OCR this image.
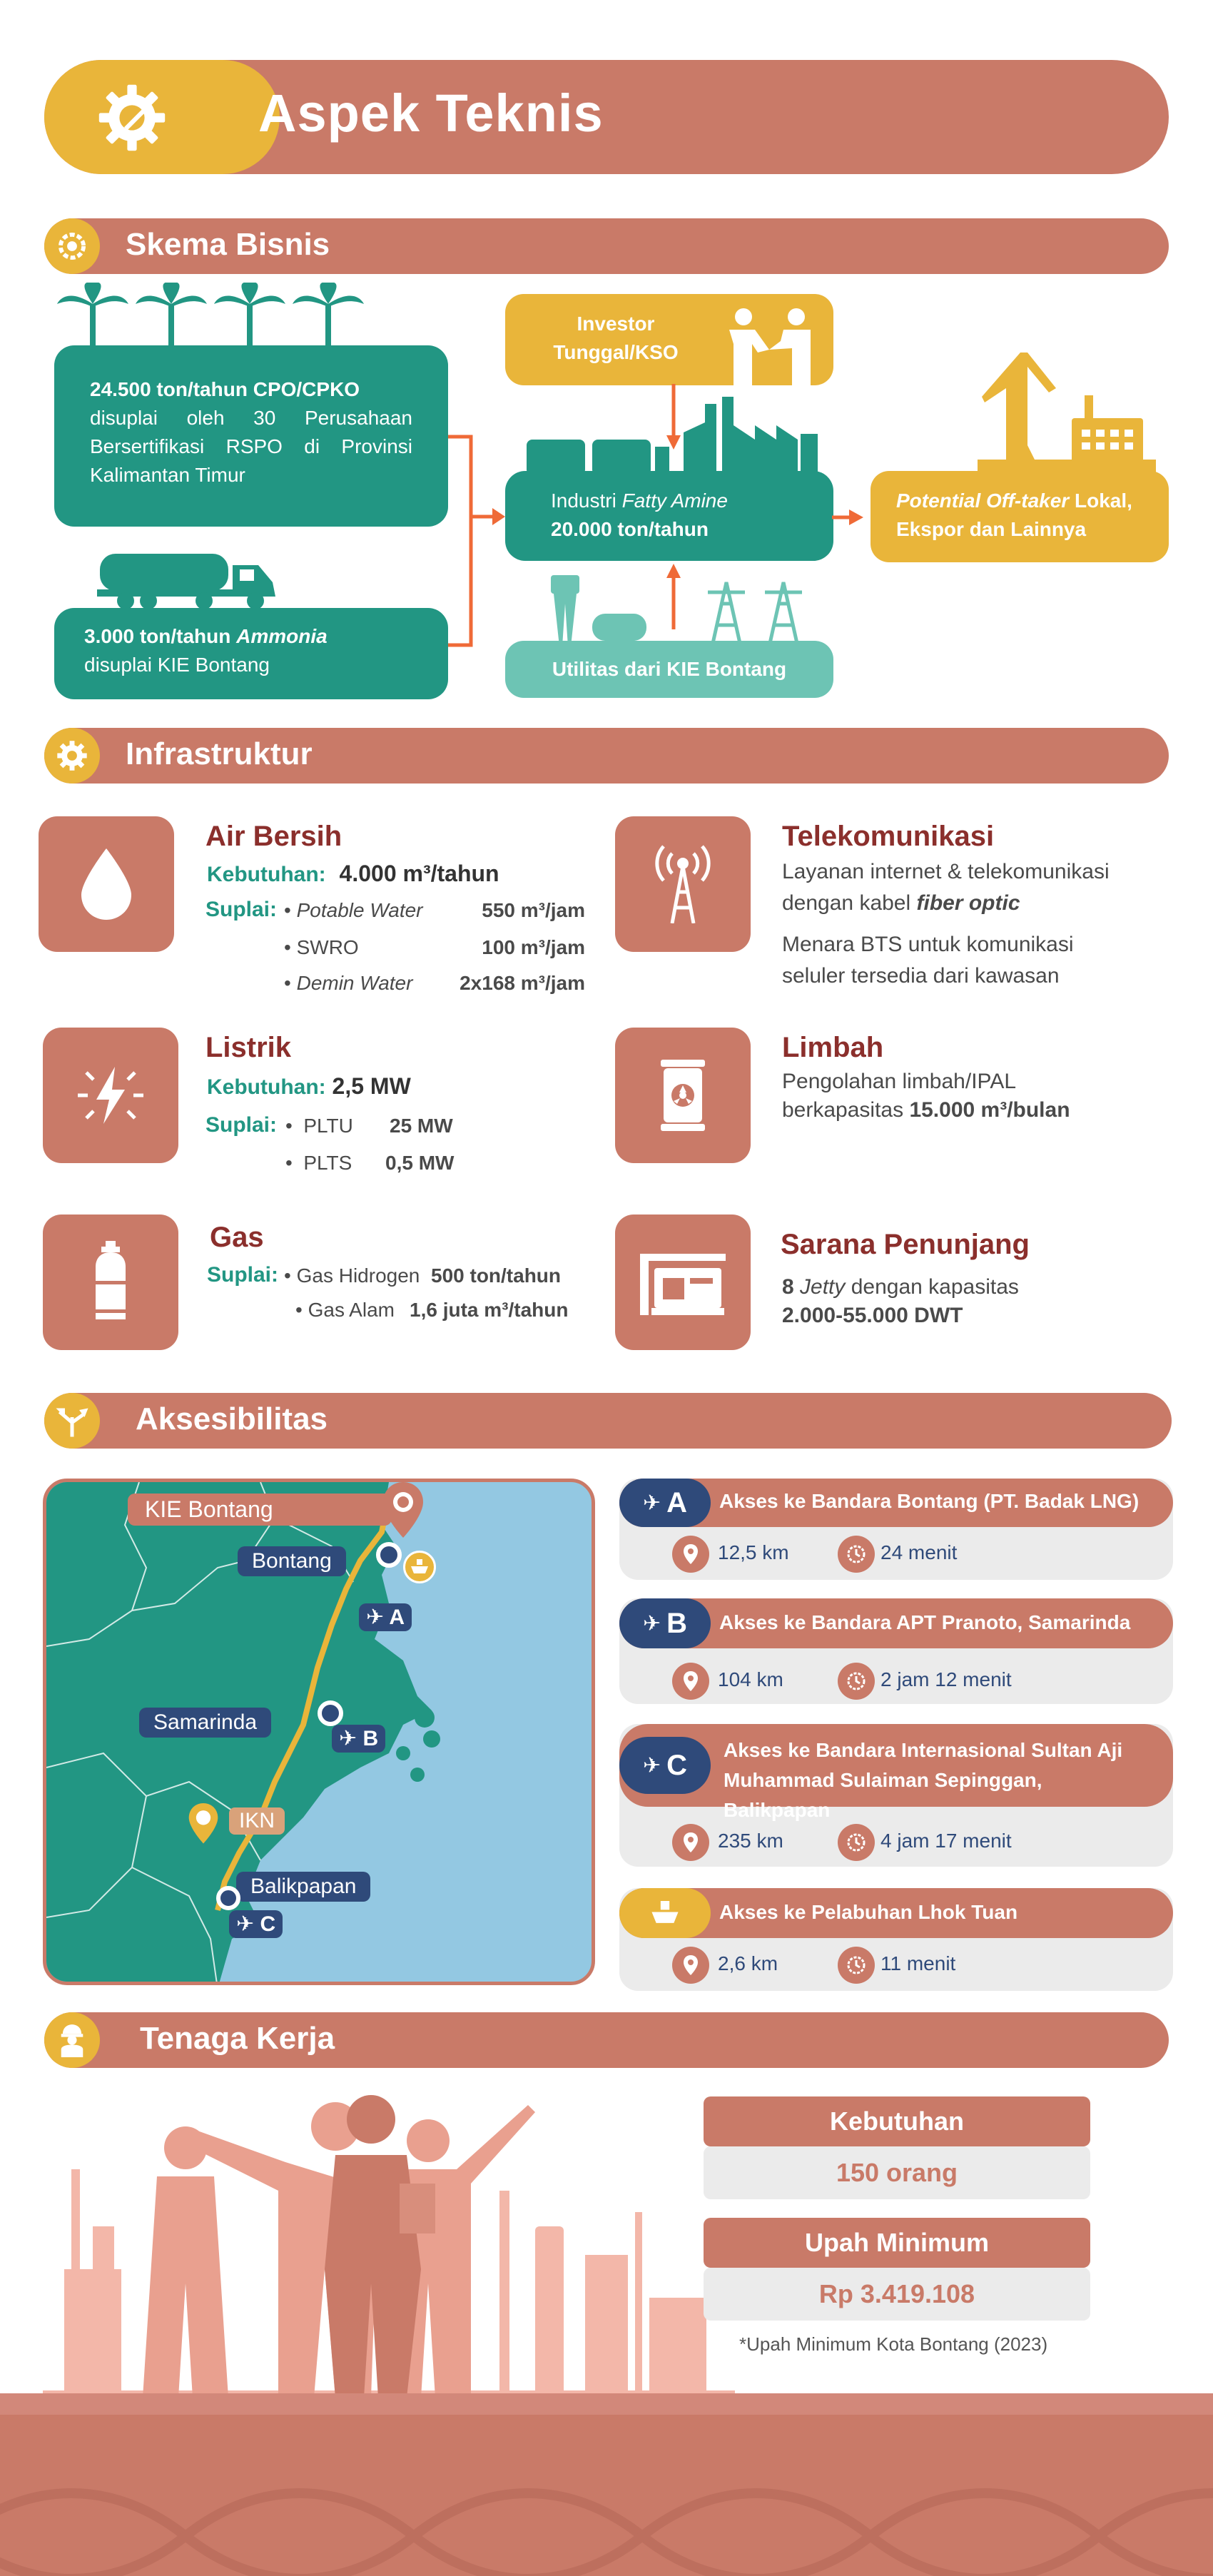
Aspek Teknis
Skema Bisnis
24.500 ton/tahun CPO/CPKO
disuplai oleh 30 Perusahaan Bersertifikasi RSPO di Provinsi Kalimantan Timur
3.000 ton/tahun Ammonia
disuplai KIE Bontang
Investor Tunggal/KSO
Industri Fatty Amine
20.000 ton/tahun
Utilitas dari KIE Bontang
Potential Off-taker Lokal, Ekspor dan Lainnya
Infrastruktur
Air Bersih
Kebutuhan: 4.000 m³/tahun
Suplai: • Potable Water	550 m³/jam
• SWRO	100 m³/jam
• Demin Water	2x168 m³/jam
Telekomunikasi
Layanan internet & telekomunikasi
dengan kabel fiber optic
Menara BTS untuk komunikasi
seluler tersedia dari kawasan
Listrik
Kebutuhan: 2,5 MW
Suplai: •  PLTU 25 MW
•  PLTS 0,5 MW
Limbah
Pengolahan limbah/IPAL
berkapasitas 15.000 m³/bulan
Gas
Suplai: • Gas Hidrogen 500 ton/tahun
• Gas Alam 1,6 juta m³/tahun
Sarana Penunjang
8 Jetty dengan kapasitas
2.000-55.000 DWT
Aksesibilitas
KIE Bontang
Bontang
✈ A
Samarinda
✈ B
IKN
Balikpapan
✈ C
✈ A Akses ke Bandara Bontang (PT. Badak LNG)
12,5 km	24 menit
✈ B Akses ke Bandara APT Pranoto, Samarinda
104 km	2 jam 12 menit
✈ C Akses ke Bandara Internasional Sultan Aji Muhammad Sulaiman Sepinggan, Balikpapan
235 km	4 jam 17 menit
Akses ke Pelabuhan Lhok Tuan
2,6 km	11 menit
Tenaga Kerja
Kebutuhan
150 orang
Upah Minimum
Rp 3.419.108
*Upah Minimum Kota Bontang (2023)
